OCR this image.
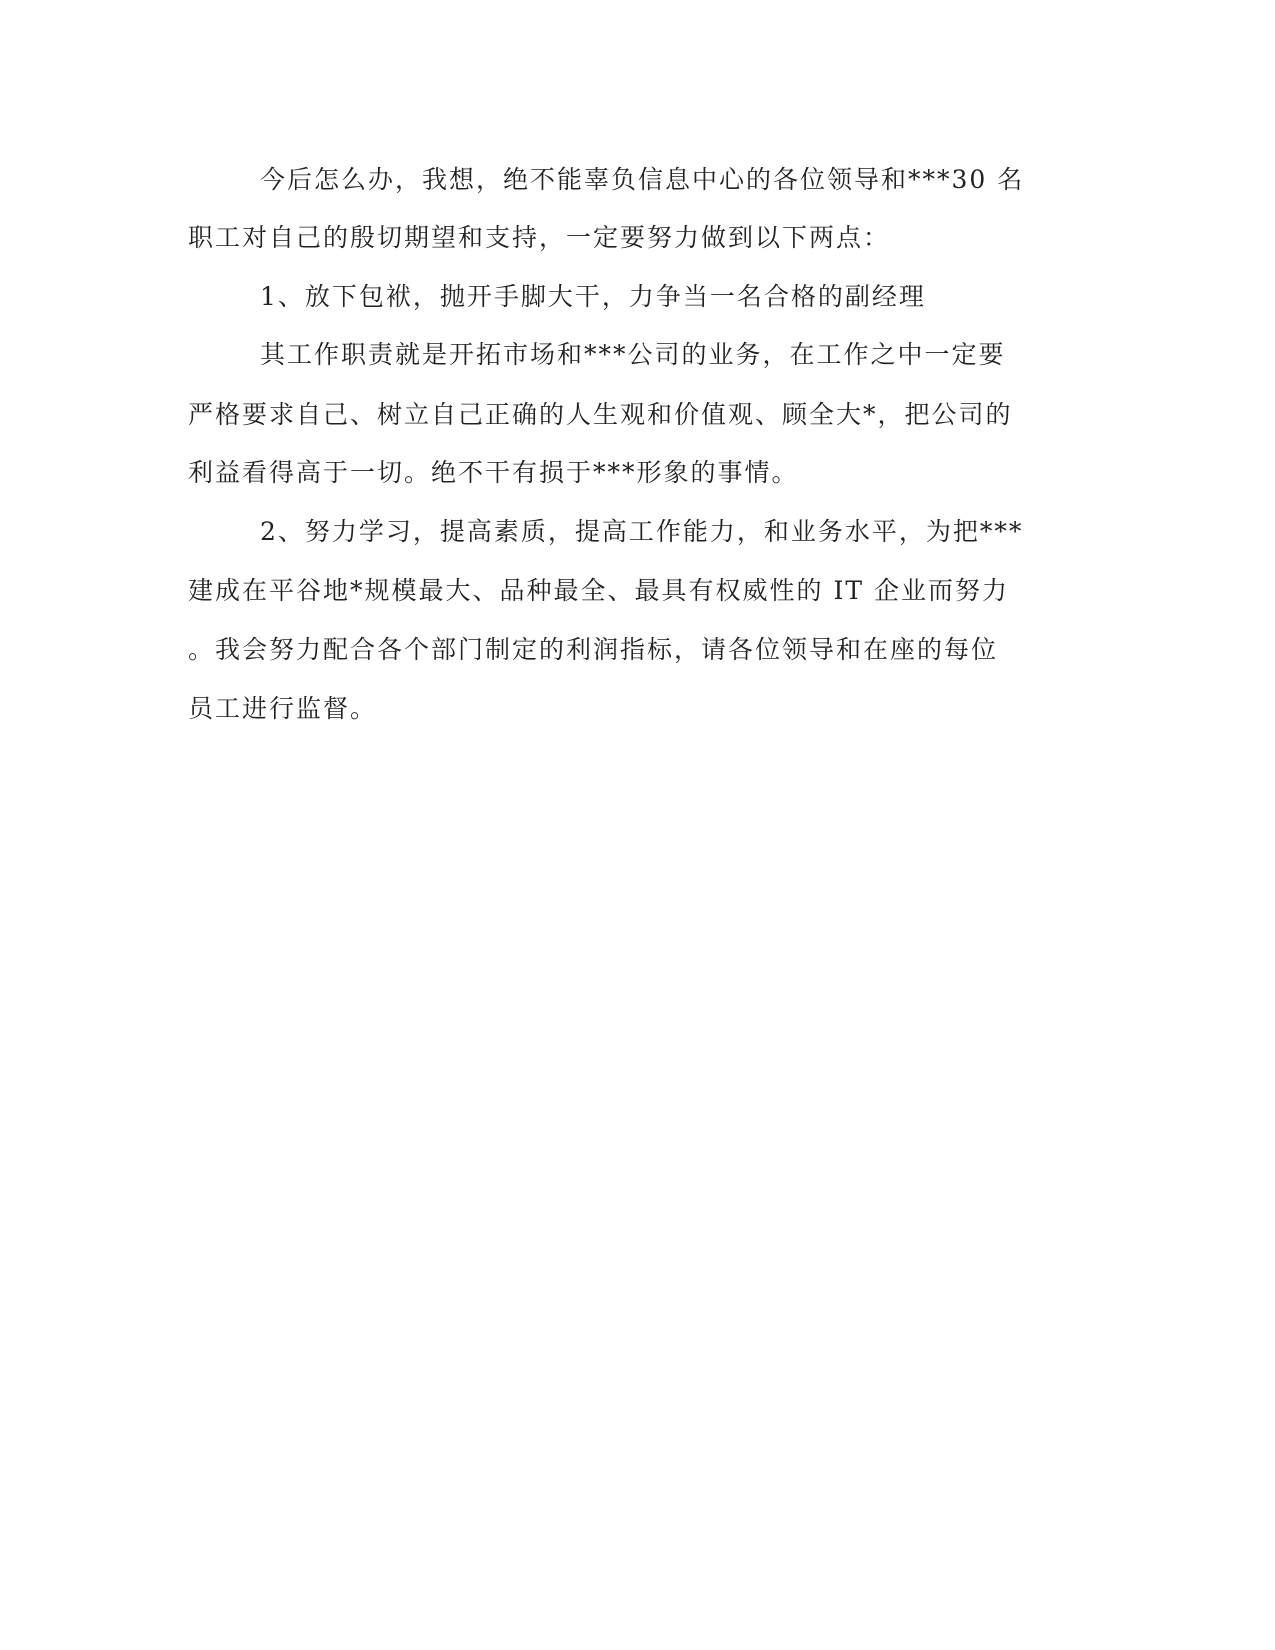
今后怎么办，我想，绝不能辜负信息中心的各位领导和***30 名
职工对自己的殷切期望和支持，一定要努力做到以下两点：
1、放下包袱，抛开手脚大干，力争当一名合格的副经理
其工作职责就是开拓市场和***公司的业务，在工作之中一定要
严格要求自己、树立自己正确的人生观和价值观、顾全大*，把公司的
利益看得高于一切。绝不干有损于***形象的事情。
2、努力学习，提高素质，提高工作能力，和业务水平，为把***
建成在平谷地*规模最大、品种最全、最具有权威性的 IT 企业而努力
。我会努力配合各个部门制定的利润指标，请各位领导和在座的每位
员工进行监督。
